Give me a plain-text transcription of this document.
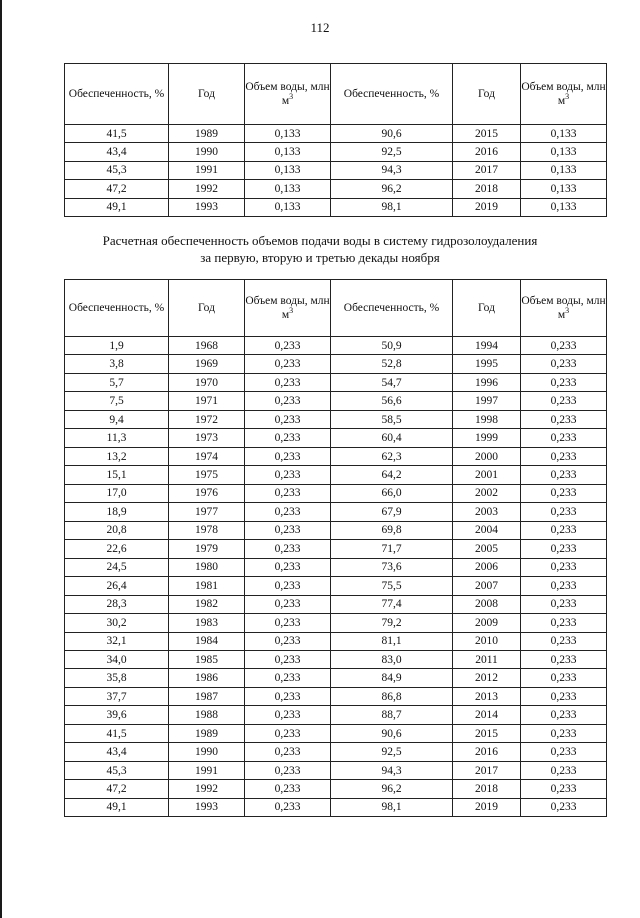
112
Обеспеченность, %	Год	Объем воды, млн $м^3$	Обеспеченность, %	Год	Объем воды, млн $м^3$
41,5	1989	0,133	90,6	2015	0,133
43,4	1990	0,133	92,5	2016	0,133
45,3	1991	0,133	94,3	2017	0,133
47,2	1992	0,133	96,2	2018	0,133
49,1	1993	0,133	98,1	2019	0,133
Расчетная обеспеченность объемов подачи воды в систему гидрозолоудаления
за первую, вторую и третью декады ноября
Обеспеченность, %	Год	Объем воды, млн $м^3$	Обеспеченность, %	Год	Объем воды, млн $м^3$
1,9	1968	0,233	50,9	1994	0,233
3,8	1969	0,233	52,8	1995	0,233
5,7	1970	0,233	54,7	1996	0,233
7,5	1971	0,233	56,6	1997	0,233
9,4	1972	0,233	58,5	1998	0,233
11,3	1973	0,233	60,4	1999	0,233
13,2	1974	0,233	62,3	2000	0,233
15,1	1975	0,233	64,2	2001	0,233
17,0	1976	0,233	66,0	2002	0,233
18,9	1977	0,233	67,9	2003	0,233
20,8	1978	0,233	69,8	2004	0,233
22,6	1979	0,233	71,7	2005	0,233
24,5	1980	0,233	73,6	2006	0,233
26,4	1981	0,233	75,5	2007	0,233
28,3	1982	0,233	77,4	2008	0,233
30,2	1983	0,233	79,2	2009	0,233
32,1	1984	0,233	81,1	2010	0,233
34,0	1985	0,233	83,0	2011	0,233
35,8	1986	0,233	84,9	2012	0,233
37,7	1987	0,233	86,8	2013	0,233
39,6	1988	0,233	88,7	2014	0,233
41,5	1989	0,233	90,6	2015	0,233
43,4	1990	0,233	92,5	2016	0,233
45,3	1991	0,233	94,3	2017	0,233
47,2	1992	0,233	96,2	2018	0,233
49,1	1993	0,233	98,1	2019	0,233
